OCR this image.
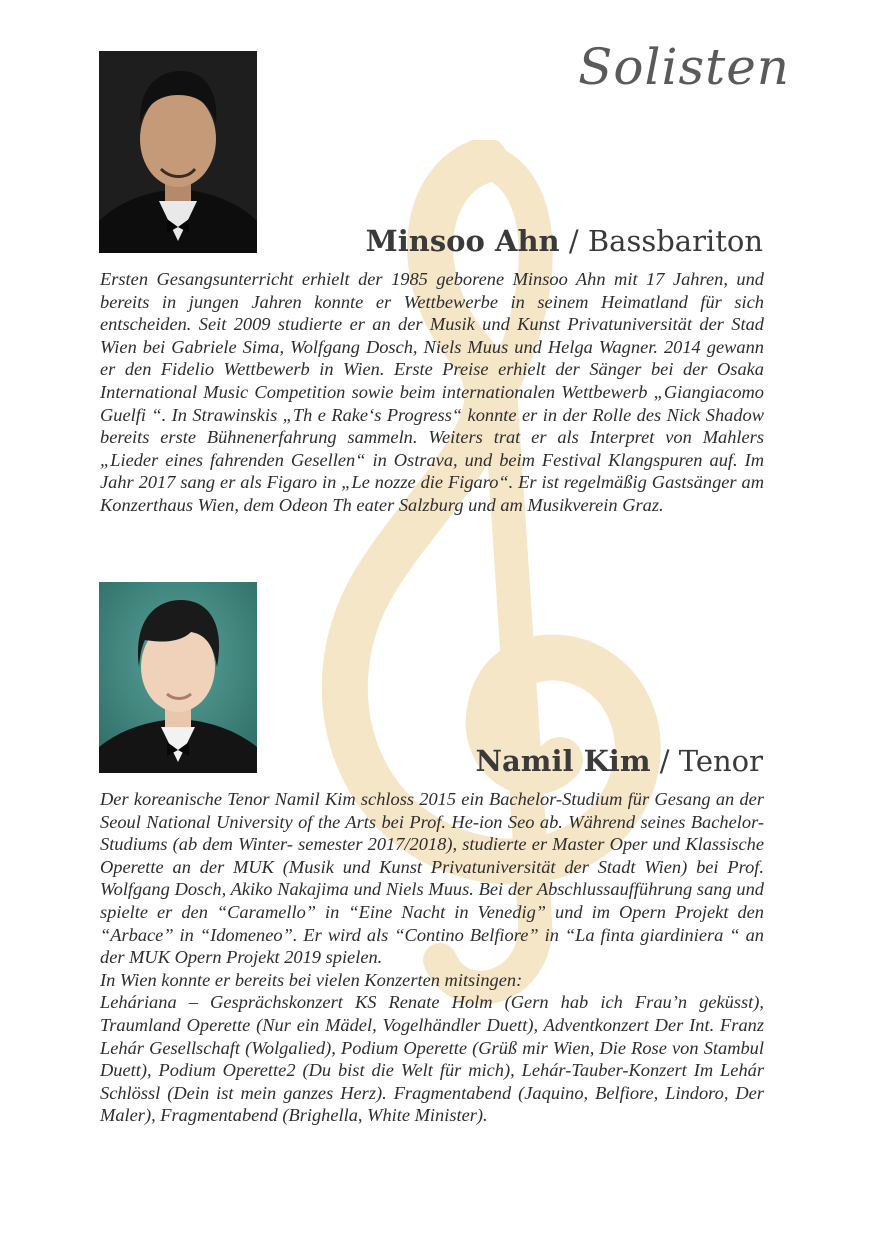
Solisten
Minsoo Ahn / Bassbariton

Ersten Gesangsunterricht erhielt der 1985 geborene Minsoo Ahn mit 17 Jahren, und bereits in jungen Jahren konnte er Wettbewerbe in seinem Heimatland für sich entscheiden. Seit 2009 studierte er an der Musik und Kunst Privatuniversität der Stad Wien bei Gabriele Sima, Wolfgang Dosch, Niels Muus und Helga Wagner. 2014 gewann er den Fidelio Wettbewerb in Wien. Erste Preise erhielt der Sänger bei der Osaka International Music Competition sowie beim internationalen Wettbewerb „Giangiacomo Guelfi “. In Strawinskis „Th e Rake‘s Progress“ konnte er in der Rolle des Nick Shadow bereits erste Bühnenerfahrung sammeln. Weiters trat er als Interpret von Mahlers „Lieder eines fahrenden Gesellen“ in Ostrava, und beim Festival Klangspuren auf. Im Jahr 2017 sang er als Figaro in „Le nozze die Figaro“. Er ist regelmäßig Gastsänger am Konzerthaus Wien, dem Odeon Th eater Salzburg und am Musikverein Graz.

Namil Kim / Tenor

Der koreanische Tenor Namil Kim schloss 2015 ein Bachelor-Studium für Gesang an der Seoul National University of the Arts bei Prof. He-ion Seo ab. Während seines Bachelor-Studiums (ab dem Winter- semester 2017/2018), studierte er Master Oper und Klassische Operette an der MUK (Musik und Kunst Privatuniversität der Stadt Wien) bei Prof. Wolfgang Dosch, Akiko Nakajima und Niels Muus. Bei der Abschlussaufführung sang und spielte er den “Caramello” in “Eine Nacht in Venedig” und im Opern Projekt den “Arbace” in “Idomeneo”. Er wird als “Contino Belfiore” in “La finta giardiniera “ an der MUK Opern Projekt 2019 spielen.

In Wien konnte er bereits bei vielen Konzerten mitsingen:

Leháriana – Gesprächskonzert KS Renate Holm (Gern hab ich Frau’n geküsst), Traumland Operette (Nur ein Mädel, Vogelhändler Duett), Adventkonzert Der Int. Franz Lehár Gesellschaft (Wolgalied), Podium Operette (Grüß mir Wien, Die Rose von Stambul Duett), Podium Operette2 (Du bist die Welt für mich), Lehár-Tauber-Konzert Im Lehár Schlössl (Dein ist mein ganzes Herz). Fragmentabend (Jaquino, Belfiore, Lindoro, Der Maler), Fragmentabend (Brighella, White Minister).
